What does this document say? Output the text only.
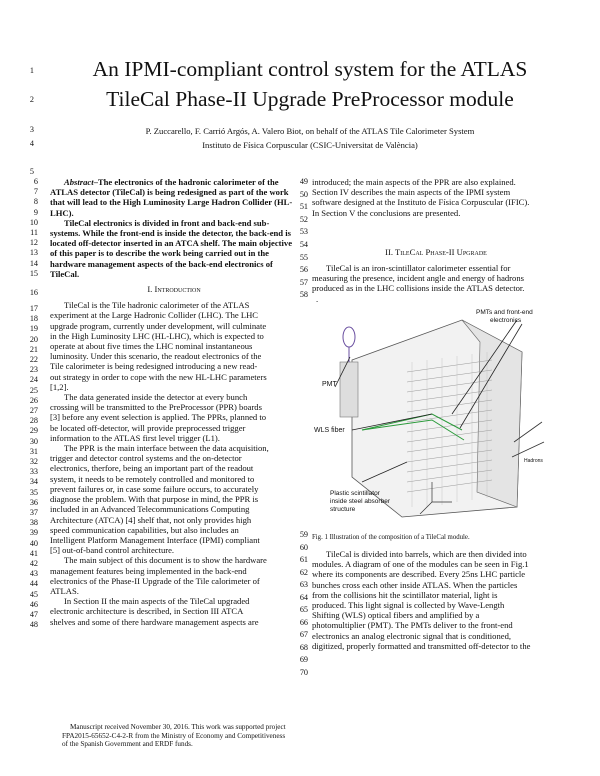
An IPMI-compliant control system for the ATLAS
TileCal Phase-II Upgrade PreProcessor module
1
2
3
4
5
P. Zuccarello, F. Carrió Argós, A. Valero Biot, on behalf of the ATLAS Tile Calorimeter System
Instituto de Física Corpuscular (CSIC-Universitat de València)
6
7
8
9
10
11
12
13
14
15
16
17
18
19
20
21
22
23
24
25
26
27
28
29
30
31
32
33
34
35
36
37
38
39
40
41
42
43
44
45
46
47
48
Abstract–The electronics of the hadronic calorimeter of the
ATLAS detector (TileCal) is being redesigned as part of the work
that will lead to the High Luminosity Large Hadron Collider (HL-
LHC).
TileCal electronics is divided in front and back-end sub-
systems. While the front-end is inside the detector, the back-end is
located off-detector inserted in an ATCA shelf. The main objective
of this paper is to describe the work being carried out in the
hardware management aspects of the back-end electronics of
TileCal.
I. Introduction
TileCal is the Tile hadronic calorimeter of the ATLAS
experiment at the Large Hadronic Collider (LHC). The LHC
upgrade program, currently under development, will culminate
in the High Luminosity LHC (HL-LHC), which is expected to
operate at about five times the LHC nominal instantaneous
luminosity. Under this scenario, the readout electronics of the
Tile calorimeter is being redesigned introducing a new read-
out strategy in order to cope with the new HL-LHC parameters
[1,2].
The data generated inside the detector at every bunch
crossing will be transmitted to the PreProcessor (PPR) boards
[3] before any event selection is applied. The PPRs, planned to
be located off-detector, will provide preprocessed trigger
information to the ATLAS first level trigger (L1).
The PPR is the main interface between the data acquisition,
trigger and detector control systems and the on-detector
electronics, therfore, being an important part of the readout
system, it needs to be remotely controlled and monitored to
prevent failures or, in case some failure occurs, to accurately
diagnose the problem. With that purpose in mind, the PPR is
included in an Advanced Telecommunications Computing
Architecture (ATCA) [4] shelf that, not only provides high
speed communication capabilities, but also includes an
Intelligent Platform Management Interface (IPMI) compliant
[5] out-of-band control architecture.
The main subject of this document is to show the hardware
management features being implemented in the back-end
electronics of the Phase-II Upgrade of the Tile calorimeter of
ATLAS.
In Section II the main aspects of the TileCal upgraded
electronic architecture is described, in Section III ATCA
shelves and some of there hardware management aspects are
introduced; the main aspects of the PPR are also explained.
Section IV describes the main aspects of the IPMI system
software designed at the Instituto de Física Corpuscular (IFIC).
In Section V the conclusions are presented.
II. TileCal Phase-II Upgrade
TileCal is an iron-scintillator calorimeter essential for
measuring the presence, incident angle and energy of hadrons
produced as in the LHC collisions inside the ATLAS detector.
.
49
50
51
52
53
54
55
56
57
58
59
60
61
62
63
64
65
66
67
68
69
70
PMT
PMTs and front-end
electronics
WLS fiber
Plastic scintillator
inside steel absorber
structure
Hadrons
Fig. 1 Illustration of the composition of a TileCal module.
TileCal is divided into barrels, which are then divided into
modules. A diagram of one of the modules can be seen in Fig.1
where its components are described. Every 25ns LHC particle
bunches cross each other inside ATLAS. When the particles
from the collisions hit the scintillator material, light is
produced. This light signal is collected by Wave-Length
Shifting (WLS) optical fibers and amplified by a
photomultiplier (PMT). The PMTs deliver to the front-end
electronics an analog electronic signal that is conditioned,
digitized, properly formatted and transmitted off-detector to the
Manuscript received November 30, 2016. This work was supported project
FPA2015-65652-C4-2-R from the Ministry of Economy and Competitiveness
of the Spanish Government and ERDF funds.
